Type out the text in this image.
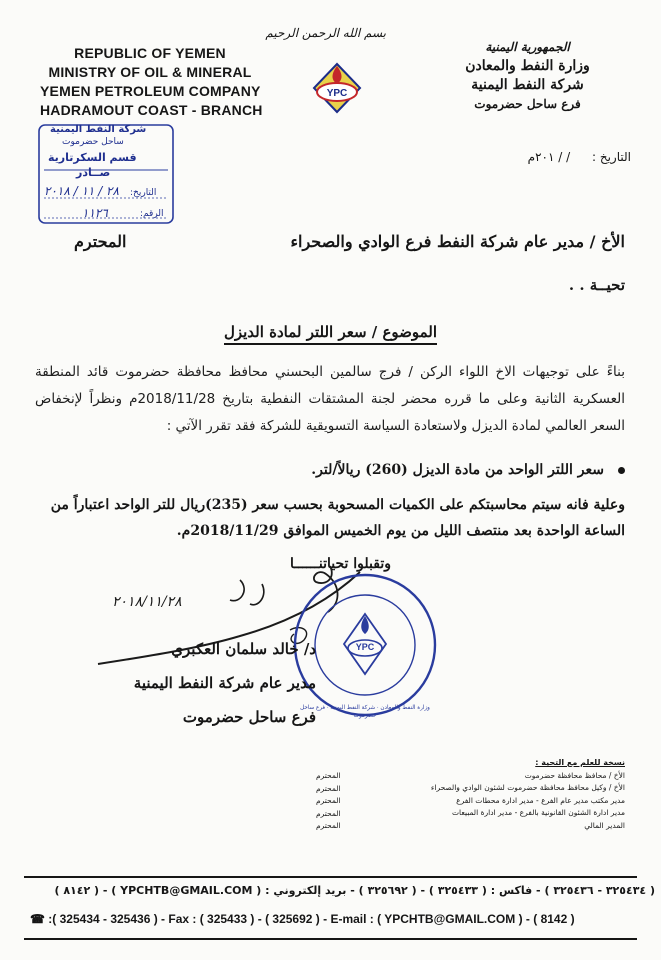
REPUBLIC OF YEMEN
MINISTRY OF OIL & MINERAL
YEMEN PETROLEUM COMPANY
HADRAMOUT COAST - BRANCH
بسم الله الرحمن الرحيم
YPC
الجمهورية اليمنية
وزارة النفط والمعادن
شركة النفط اليمنية
فرع ساحل حضرموت
التاريخ : / / ٢٠١م
شركة النفط اليمنية
ساحل حضرموت
قسم السكرتارية
صــادر
٢٨ / ١١ / ٢٠١٨ التاريخ:
١١٢٦	الرقم:
الأخ / مدير عام شركة النفط فرع الوادي والصحراء
المحترم
تحيــة . .
الموضوع / سعر اللتر لمادة الديزل
بناءً على توجيهات الاخ اللواء الركن / فرج سالمين البحسني محافظ محافظة حضرموت قائد المنطقة العسكرية الثانية وعلى ما قرره محضر لجنة المشتقات النفطية بتاريخ 2018/11/28م ونظراً لإنخفاض السعر العالمي لمادة الديزل ولاستعادة السياسة التسويقية للشركة فقد تقرر الآتي :
سعر اللتر الواحد من مادة الديزل (260) ريالاً/لتر.
وعلية فانه سيتم محاسبتكم على الكميات المسحوبة بحسب سعر (235)ريال للتر الواحد اعتباراً من الساعة الواحدة بعد منتصف الليل من يوم الخميس الموافق 2018/11/29م.
وتقبلوا تحياتنــــــا
٢٠١٨/١١/٢٨
YPC
وزارة النفط والمعادن · شركة النفط اليمنية · فرع ساحل حضرموت
د/ خالد سلمان العكبري
مدير عام شركة النفط اليمنية
فرع ساحل حضرموت
نسخة للعلم مع التحية :
الأخ / محافظ محافظة حضرموت
الأخ / وكيل محافظ محافظة حضرموت لشئون الوادي والصحراء
مدير مكتب مدير عام الفرع - مدير ادارة محطات الفرع
مدير ادارة الشئون القانونية بالفرع - مدير ادارة المبيعات
المدير المالي
المحترم
المحترم
المحترم
المحترم
المحترم
( ٣٢٥٤٣٤ - ٣٢٥٤٣٦ ) - فاكس : ( ٣٢٥٤٣٣ ) - ( ٣٢٥٦٩٢ ) - بريد إلكتروني : ( YPCHTB@GMAIL.COM ) - ( ٨١٤٢ )
☎ :( 325434 - 325436 ) - Fax : ( 325433 ) - ( 325692 ) - E-mail : ( YPCHTB@GMAIL.COM ) - ( 8142 )
